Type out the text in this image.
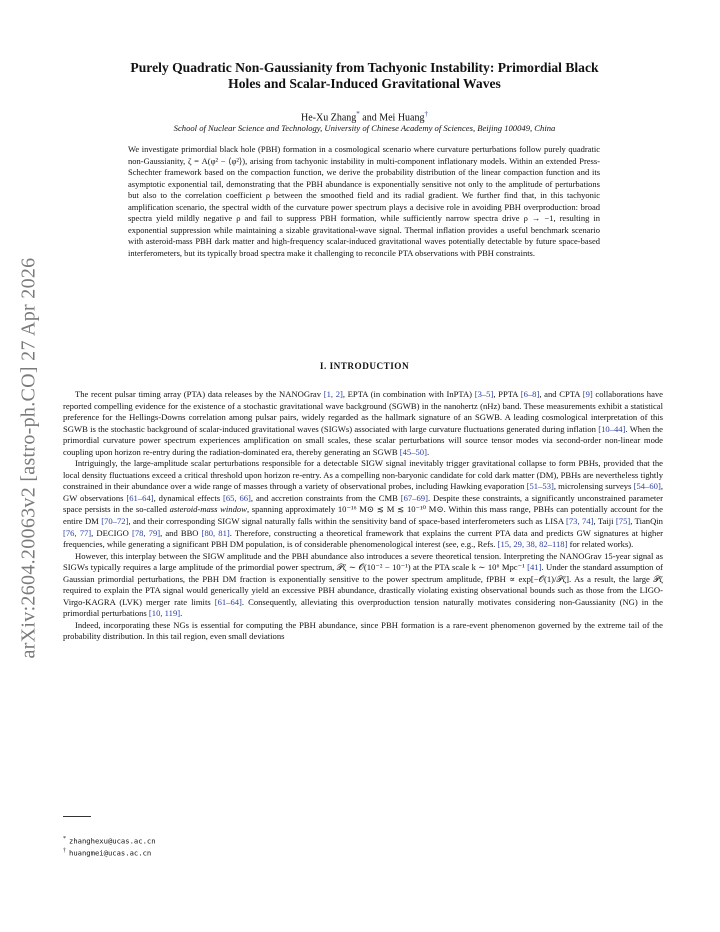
arXiv:2604.20063v2 [astro-ph.CO] 27 Apr 2026
Purely Quadratic Non-Gaussianity from Tachyonic Instability: Primordial Black
Holes and Scalar-Induced Gravitational Waves
He-Xu Zhang* and Mei Huang†
School of Nuclear Science and Technology, University of Chinese Academy of Sciences, Beijing 100049, China

We investigate primordial black hole (PBH) formation in a cosmological scenario where curvature perturbations follow purely quadratic non-Gaussianity, ζ = A(φ² − ⟨φ²⟩), arising from tachyonic instability in multi-component inflationary models. Within an extended Press-Schechter framework based on the compaction function, we derive the probability distribution of the linear compaction function and its asymptotic exponential tail, demonstrating that the PBH abundance is exponentially sensitive not only to the amplitude of perturbations but also to the correlation coefficient ρ between the smoothed field and its radial gradient. We further find that, in this tachyonic amplification scenario, the spectral width of the curvature power spectrum plays a decisive role in avoiding PBH overproduction: broad spectra yield mildly negative ρ and fail to suppress PBH formation, while sufficiently narrow spectra drive ρ → −1, resulting in exponential suppression while maintaining a sizable gravitational-wave signal. Thermal inflation provides a useful benchmark scenario with asteroid-mass PBH dark matter and high-frequency scalar-induced gravitational waves potentially detectable by future space-based interferometers, but its typically broad spectra make it challenging to reconcile PTA observations with PBH constraints.

I. INTRODUCTION

The recent pulsar timing array (PTA) data releases by the NANOGrav [1, 2], EPTA (in combination with InPTA) [3–5], PPTA [6–8], and CPTA [9] collaborations have reported compelling evidence for the existence of a stochastic gravitational wave background (SGWB) in the nanohertz (nHz) band. These measurements exhibit a statistical preference for the Hellings-Downs correlation among pulsar pairs, widely regarded as the hallmark signature of an SGWB. A leading cosmological interpretation of this SGWB is the stochastic background of scalar-induced gravitational waves (SIGWs) associated with large curvature fluctuations generated during inflation [10–44]. When the primordial curvature power spectrum experiences amplification on small scales, these scalar perturbations will source tensor modes via second-order non-linear mode coupling upon horizon re-entry during the radiation-dominated era, thereby generating an SGWB [45–50].

Intriguingly, the large-amplitude scalar perturbations responsible for a detectable SIGW signal inevitably trigger gravitational collapse to form PBHs, provided that the local density fluctuations exceed a critical threshold upon horizon re-entry. As a compelling non-baryonic candidate for cold dark matter (DM), PBHs are nevertheless tightly constrained in their abundance over a wide range of masses through a variety of observational probes, including Hawking evaporation [51–53], microlensing surveys [54–60], GW observations [61–64], dynamical effects [65, 66], and accretion constraints from the CMB [67–69]. Despite these constraints, a significantly unconstrained parameter space persists in the so-called asteroid-mass window, spanning approximately 10⁻¹⁶ M⊙ ≲ M ≲ 10⁻¹⁰ M⊙. Within this mass range, PBHs can potentially account for the entire DM [70–72], and their corresponding SIGW signal naturally falls within the sensitivity band of space-based interferometers such as LISA [73, 74], Taiji [75], TianQin [76, 77], DECIGO [78, 79], and BBO [80, 81]. Therefore, constructing a theoretical framework that explains the current PTA data and predicts GW signatures at higher frequencies, while generating a significant PBH DM population, is of considerable phenomenological interest (see, e.g., Refs. [15, 29, 38, 82–118] for related works).

However, this interplay between the SIGW amplitude and the PBH abundance also introduces a severe theoretical tension. Interpreting the NANOGrav 15-year signal as SIGWs typically requires a large amplitude of the primordial power spectrum, 𝒫ζ ∼ 𝒪(10⁻² − 10⁻¹) at the PTA scale k ∼ 10⁶ Mpc⁻¹ [41]. Under the standard assumption of Gaussian primordial perturbations, the PBH DM fraction is exponentially sensitive to the power spectrum amplitude, fPBH ∝ exp[−𝒪(1)/𝒫ζ]. As a result, the large 𝒫ζ required to explain the PTA signal would generically yield an excessive PBH abundance, drastically violating existing observational bounds such as those from the LIGO-Virgo-KAGRA (LVK) merger rate limits [61–64]. Consequently, alleviating this overproduction tension naturally motivates considering non-Gaussianity (NG) in the primordial perturbations [10, 119].

Indeed, incorporating these NGs is essential for computing the PBH abundance, since PBH formation is a rare-event phenomenon governed by the extreme tail of the probability distribution. In this tail region, even small deviations

* zhanghexu@ucas.ac.cn
† huangmei@ucas.ac.cn
